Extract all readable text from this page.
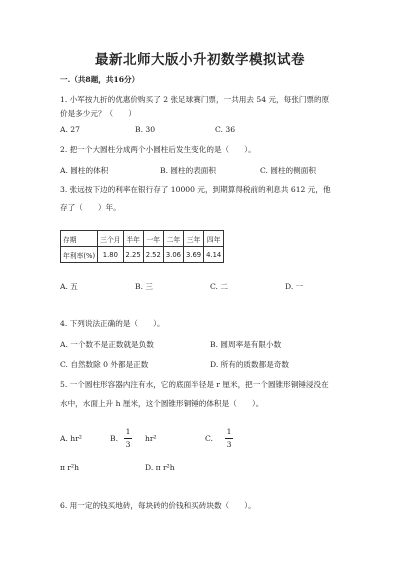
最新北师大版小升初数学模拟试卷
一.（共8题，共16分）
1. 小军按九折的优惠价购买了 2 张足球赛门票，一共用去 54 元，每张门票的原
价是多少元？（　　）
A. 27	B. 30	C. 36
2. 把一个大圆柱分成两个小圆柱后发生变化的是（　　）。
A. 圆柱的体积	B. 圆柱的表面积	C. 圆柱的侧面积
3. 张远按下边的利率在银行存了 10000 元，到期算得税前的利息共 612 元，他
存了（　　）年。
存期	三个月	半年	一年	二年	三年	四年
年利率(%)	1.80	2.25	2.52	3.06	3.69	4.14
A. 五	B. 三	C. 二	D. 一
4. 下列说法正确的是（　　）。
A. 一个数不是正数就是负数	B. 圆周率是有限小数
C. 自然数除 0 外都是正数	D. 所有的质数都是奇数
5. 一个圆柱形容器内注有水，它的底面半径是 r 厘米，把一个圆锥形铜锤浸没在
水中，水面上升 h 厘米，这个圆锥形铜锤的体积是（　　）。
A. hr²	B.
1
3
hr²	C.
1
3
π r²h	D. π r²h
6. 用一定的钱买地砖，每块砖的价钱和买砖块数（　　）。
